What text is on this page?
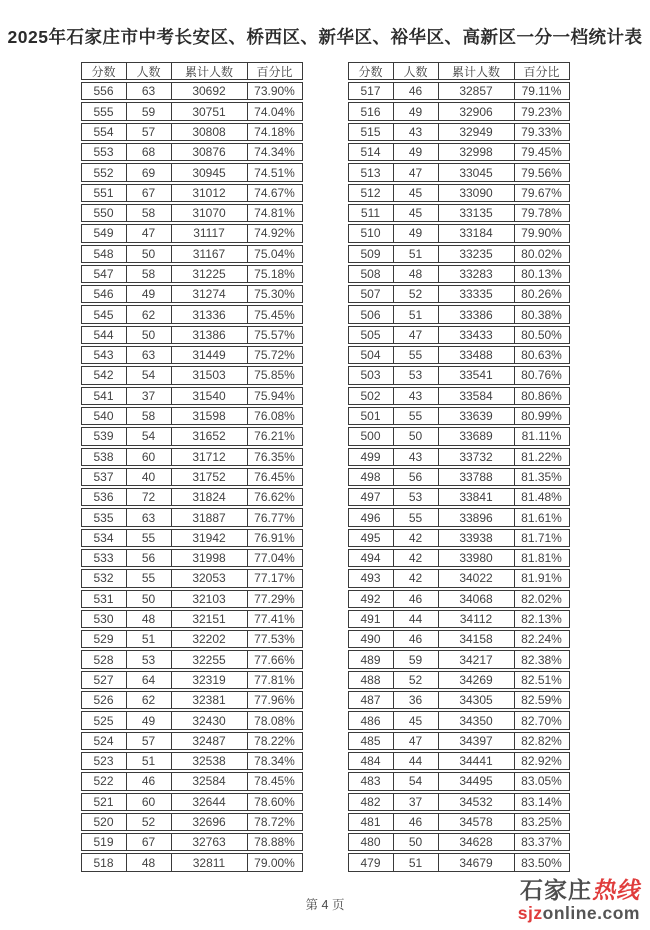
2025年石家庄市中考长安区、桥西区、新华区、裕华区、高新区一分一档统计表
分数	人数	累计人数	百分比
556	63	30692	73.90%
555	59	30751	74.04%
554	57	30808	74.18%
553	68	30876	74.34%
552	69	30945	74.51%
551	67	31012	74.67%
550	58	31070	74.81%
549	47	31117	74.92%
548	50	31167	75.04%
547	58	31225	75.18%
546	49	31274	75.30%
545	62	31336	75.45%
544	50	31386	75.57%
543	63	31449	75.72%
542	54	31503	75.85%
541	37	31540	75.94%
540	58	31598	76.08%
539	54	31652	76.21%
538	60	31712	76.35%
537	40	31752	76.45%
536	72	31824	76.62%
535	63	31887	76.77%
534	55	31942	76.91%
533	56	31998	77.04%
532	55	32053	77.17%
531	50	32103	77.29%
530	48	32151	77.41%
529	51	32202	77.53%
528	53	32255	77.66%
527	64	32319	77.81%
526	62	32381	77.96%
525	49	32430	78.08%
524	57	32487	78.22%
523	51	32538	78.34%
522	46	32584	78.45%
521	60	32644	78.60%
520	52	32696	78.72%
519	67	32763	78.88%
518	48	32811	79.00%
分数	人数	累计人数	百分比
517	46	32857	79.11%
516	49	32906	79.23%
515	43	32949	79.33%
514	49	32998	79.45%
513	47	33045	79.56%
512	45	33090	79.67%
511	45	33135	79.78%
510	49	33184	79.90%
509	51	33235	80.02%
508	48	33283	80.13%
507	52	33335	80.26%
506	51	33386	80.38%
505	47	33433	80.50%
504	55	33488	80.63%
503	53	33541	80.76%
502	43	33584	80.86%
501	55	33639	80.99%
500	50	33689	81.11%
499	43	33732	81.22%
498	56	33788	81.35%
497	53	33841	81.48%
496	55	33896	81.61%
495	42	33938	81.71%
494	42	33980	81.81%
493	42	34022	81.91%
492	46	34068	82.02%
491	44	34112	82.13%
490	46	34158	82.24%
489	59	34217	82.38%
488	52	34269	82.51%
487	36	34305	82.59%
486	45	34350	82.70%
485	47	34397	82.82%
484	44	34441	82.92%
483	54	34495	83.05%
482	37	34532	83.14%
481	46	34578	83.25%
480	50	34628	83.37%
479	51	34679	83.50%
第 4 页
石家庄热线
sjzonline.com
